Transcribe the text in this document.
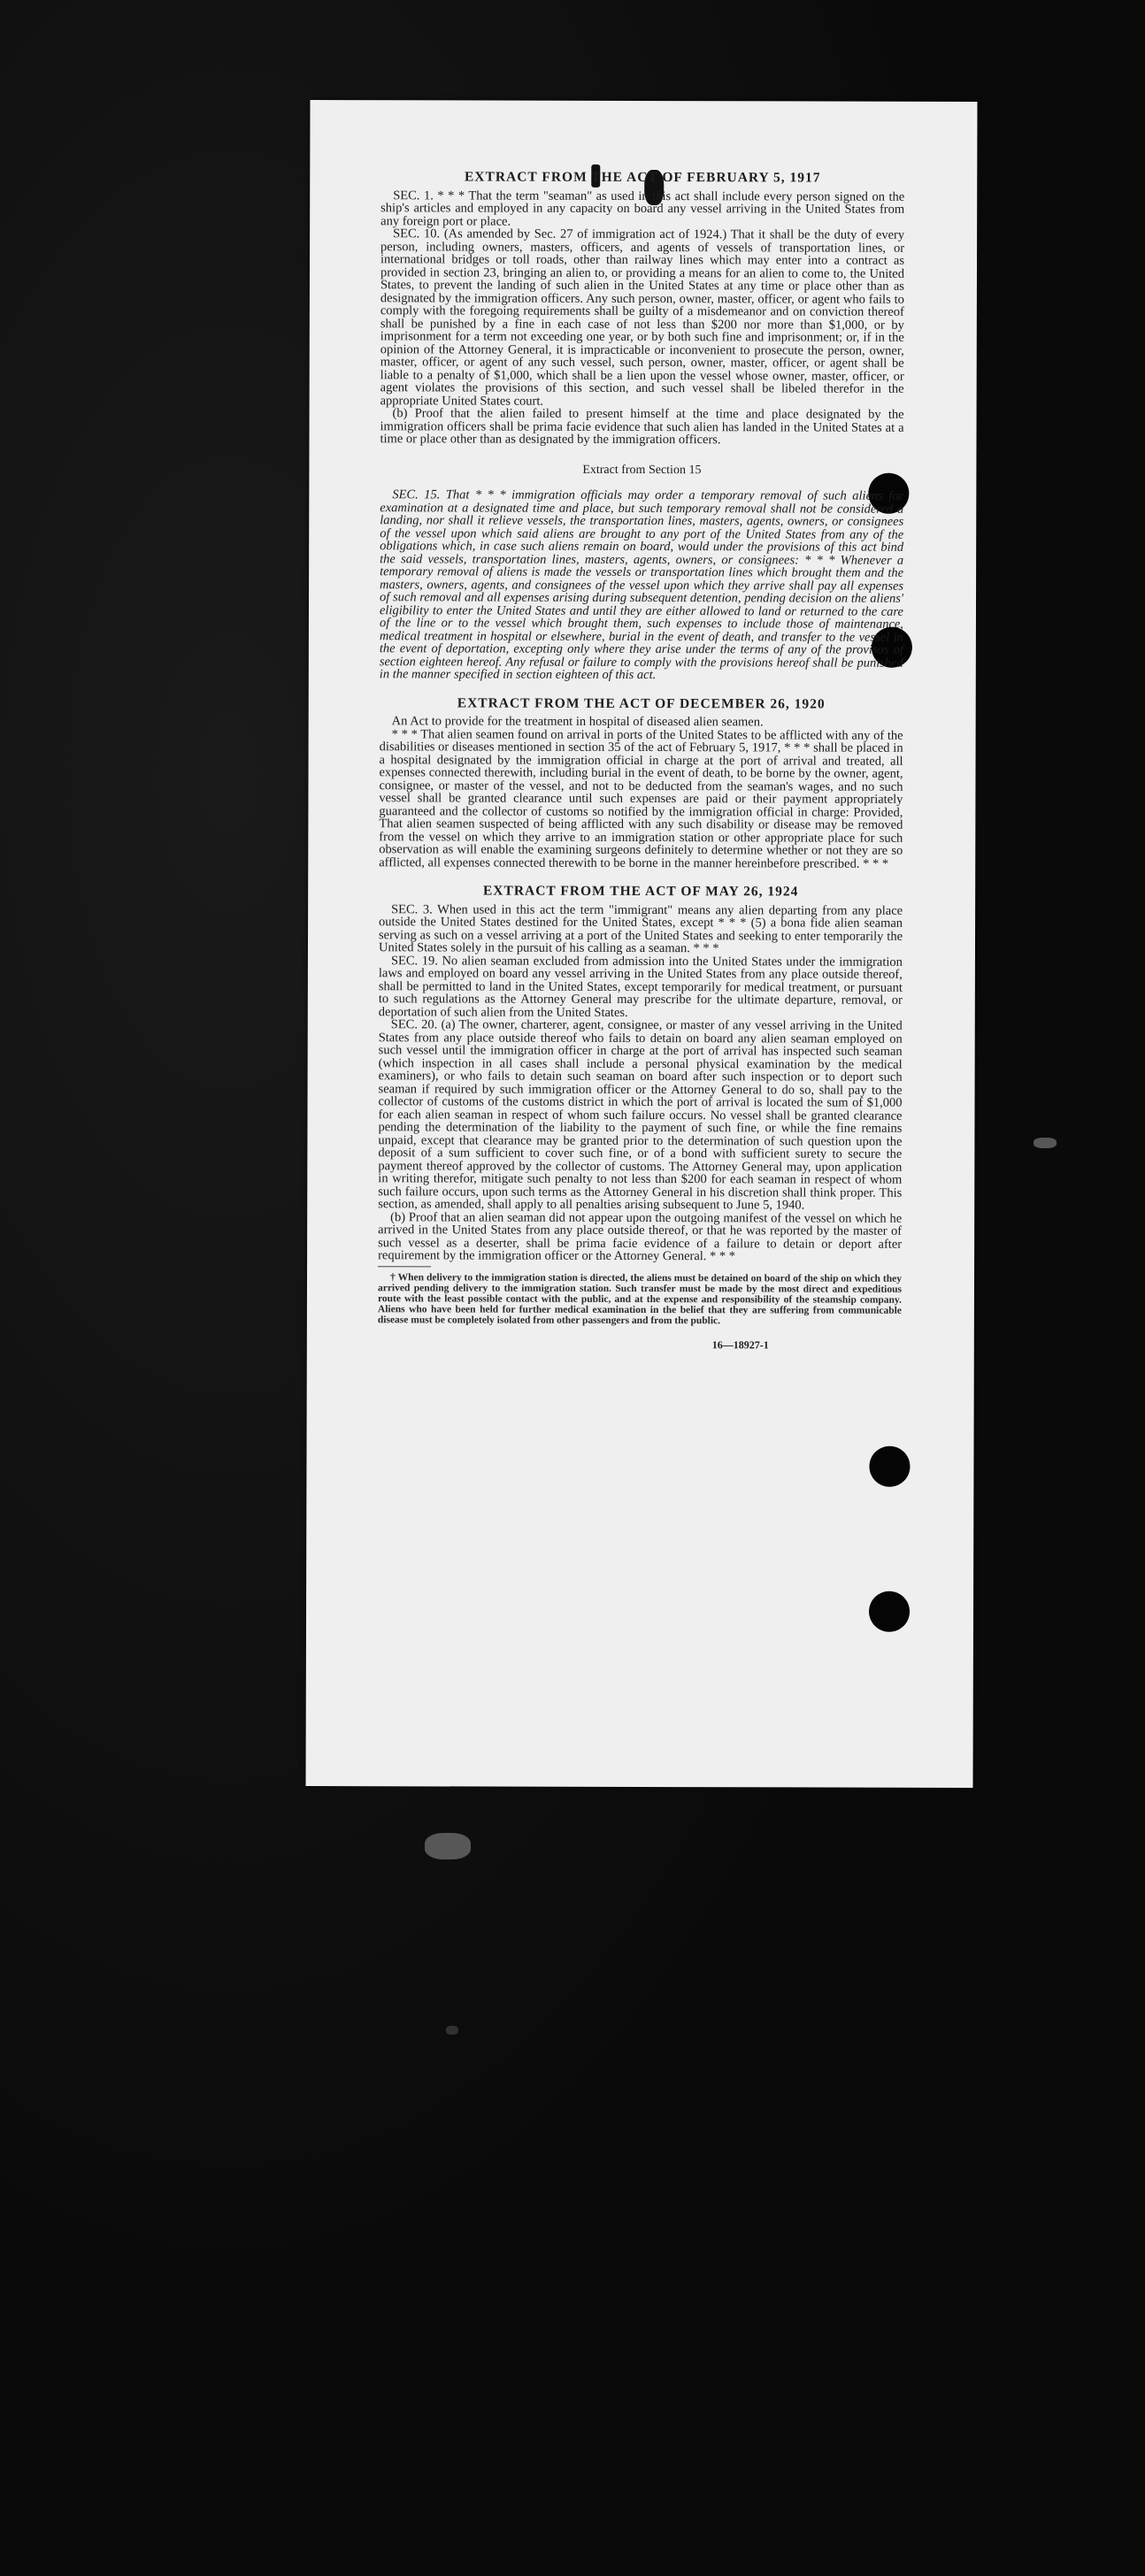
EXTRACT FROM THE ACT OF FEBRUARY 5, 1917

SEC. 1. * * * That the term "seaman" as used in this act shall include every person signed on the ship's articles and employed in any capacity on board any vessel arriving in the United States from any foreign port or place.

SEC. 10. (As amended by Sec. 27 of immigration act of 1924.) That it shall be the duty of every person, including owners, masters, officers, and agents of vessels of transportation lines, or international bridges or toll roads, other than railway lines which may enter into a contract as provided in section 23, bringing an alien to, or providing a means for an alien to come to, the United States, to prevent the landing of such alien in the United States at any time or place other than as designated by the immigration officers. Any such person, owner, master, officer, or agent who fails to comply with the foregoing requirements shall be guilty of a misdemeanor and on conviction thereof shall be punished by a fine in each case of not less than $200 nor more than $1,000, or by imprisonment for a term not exceeding one year, or by both such fine and imprisonment; or, if in the opinion of the Attorney General, it is impracticable or inconvenient to prosecute the person, owner, master, officer, or agent of any such vessel, such person, owner, master, officer, or agent shall be liable to a penalty of $1,000, which shall be a lien upon the vessel whose owner, master, officer, or agent violates the provisions of this section, and such vessel shall be libeled therefor in the appropriate United States court.

(b) Proof that the alien failed to present himself at the time and place designated by the immigration officers shall be prima facie evidence that such alien has landed in the United States at a time or place other than as designated by the immigration officers.

Extract from Section 15

SEC. 15. That * * * immigration officials may order a temporary removal of such aliens for examination at a designated time and place, but such temporary removal shall not be considered a landing, nor shall it relieve vessels, the transportation lines, masters, agents, owners, or consignees of the vessel upon which said aliens are brought to any port of the United States from any of the obligations which, in case such aliens remain on board, would under the provisions of this act bind the said vessels, transportation lines, masters, agents, owners, or consignees: * * * Whenever a temporary removal of aliens is made the vessels or transportation lines which brought them and the masters, owners, agents, and consignees of the vessel upon which they arrive shall pay all expenses of such removal and all expenses arising during subsequent detention, pending decision on the aliens' eligibility to enter the United States and until they are either allowed to land or returned to the care of the line or to the vessel which brought them, such expenses to include those of maintenance, medical treatment in hospital or elsewhere, burial in the event of death, and transfer to the vessel in the event of deportation, excepting only where they arise under the terms of any of the provisos of section eighteen hereof. Any refusal or failure to comply with the provisions hereof shall be punished in the manner specified in section eighteen of this act.

EXTRACT FROM THE ACT OF DECEMBER 26, 1920

An Act to provide for the treatment in hospital of diseased alien seamen.

* * * That alien seamen found on arrival in ports of the United States to be afflicted with any of the disabilities or diseases mentioned in section 35 of the act of February 5, 1917, * * * shall be placed in a hospital designated by the immigration official in charge at the port of arrival and treated, all expenses connected therewith, including burial in the event of death, to be borne by the owner, agent, consignee, or master of the vessel, and not to be deducted from the seaman's wages, and no such vessel shall be granted clearance until such expenses are paid or their payment appropriately guaranteed and the collector of customs so notified by the immigration official in charge: Provided, That alien seamen suspected of being afflicted with any such disability or disease may be removed from the vessel on which they arrive to an immigration station or other appropriate place for such observation as will enable the examining surgeons definitely to determine whether or not they are so afflicted, all expenses connected therewith to be borne in the manner hereinbefore prescribed. * * *

EXTRACT FROM THE ACT OF MAY 26, 1924

SEC. 3. When used in this act the term "immigrant" means any alien departing from any place outside the United States destined for the United States, except * * * (5) a bona fide alien seaman serving as such on a vessel arriving at a port of the United States and seeking to enter temporarily the United States solely in the pursuit of his calling as a seaman. * * *

SEC. 19. No alien seaman excluded from admission into the United States under the immigration laws and employed on board any vessel arriving in the United States from any place outside thereof, shall be permitted to land in the United States, except temporarily for medical treatment, or pursuant to such regulations as the Attorney General may prescribe for the ultimate departure, removal, or deportation of such alien from the United States.

SEC. 20. (a) The owner, charterer, agent, consignee, or master of any vessel arriving in the United States from any place outside thereof who fails to detain on board any alien seaman employed on such vessel until the immigration officer in charge at the port of arrival has inspected such seaman (which inspection in all cases shall include a personal physical examination by the medical examiners), or who fails to detain such seaman on board after such inspection or to deport such seaman if required by such immigration officer or the Attorney General to do so, shall pay to the collector of customs of the customs district in which the port of arrival is located the sum of $1,000 for each alien seaman in respect of whom such failure occurs. No vessel shall be granted clearance pending the determination of the liability to the payment of such fine, or while the fine remains unpaid, except that clearance may be granted prior to the determination of such question upon the deposit of a sum sufficient to cover such fine, or of a bond with sufficient surety to secure the payment thereof approved by the collector of customs. The Attorney General may, upon application in writing therefor, mitigate such penalty to not less than $200 for each seaman in respect of whom such failure occurs, upon such terms as the Attorney General in his discretion shall think proper. This section, as amended, shall apply to all penalties arising subsequent to June 5, 1940.

(b) Proof that an alien seaman did not appear upon the outgoing manifest of the vessel on which he arrived in the United States from any place outside thereof, or that he was reported by the master of such vessel as a deserter, shall be prima facie evidence of a failure to detain or deport after requirement by the immigration officer or the Attorney General. * * *

† When delivery to the immigration station is directed, the aliens must be detained on board of the ship on which they arrived pending delivery to the immigration station. Such transfer must be made by the most direct and expeditious route with the least possible contact with the public, and at the expense and responsibility of the steamship company. Aliens who have been held for further medical examination in the belief that they are suffering from communicable disease must be completely isolated from other passengers and from the public.

16—18927-1
